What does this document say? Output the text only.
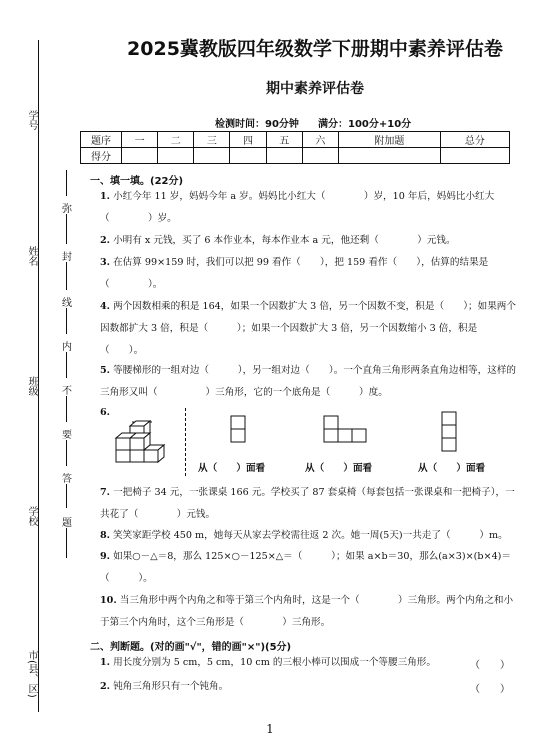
学号
姓名
班级
学校
市(县、区)
弥
封
线
内
不
要
答
题
2025冀教版四年级数学下册期中素养评估卷
期中素养评估卷
检测时间：90分钟 满分：100分+10分
题序	一	二	三	四	五	六	附加题	总分
得分								
一、填一填。(22分)
1. 小红今年 11 岁，妈妈今年 a 岁。妈妈比小红大（　　　　）岁，10 年后，妈妈比小红大（　　　　）岁。
2. 小明有 x 元钱，买了 6 本作业本，每本作业本 a 元，他还剩（　　　　）元钱。
3. 在估算 99×159 时，我们可以把 99 看作（　　），把 159 看作（　　），估算的结果是（　　　　）。
4. 两个因数相乘的积是 164，如果一个因数扩大 3 倍，另一个因数不变，积是（　　）；如果两个因数都扩大 3 倍，积是（　　　）；如果一个因数扩大 3 倍，另一个因数缩小 3 倍，积是（　　）。
5. 等腰梯形的一组对边（　　　），另一组对边（　　）。一个直角三角形两条直角边相等，这样的三角形又叫（　　　　　）三角形，它的一个底角是（　　　）度。
6.
从（　　）面看	从（　　）面看	从（　　）面看
7. 一把椅子 34 元，一张课桌 166 元。学校买了 87 套桌椅（每套包括一张课桌和一把椅子），一共花了（　　　　）元钱。
8. 笑笑家距学校 450 m，她每天从家去学校需往返 2 次。她一周(5天)一共走了（　　　）m。
9. 如果○－△＝8，那么 125×○－125×△＝（　　　）；如果 a×b＝30，那么(a×3)×(b×4)＝（　　　）。
10. 当三角形中两个内角之和等于第三个内角时，这是一个（　　　　）三角形。两个内角之和小于第三个内角时，这个三角形是（　　　　）三角形。
二、判断题。(对的画"√"，错的画"×")(5分)
1. 用长度分别为 5 cm，5 cm，10 cm 的三根小棒可以围成一个等腰三角形。	（　　）
2. 钝角三角形只有一个钝角。	（　　）
1
